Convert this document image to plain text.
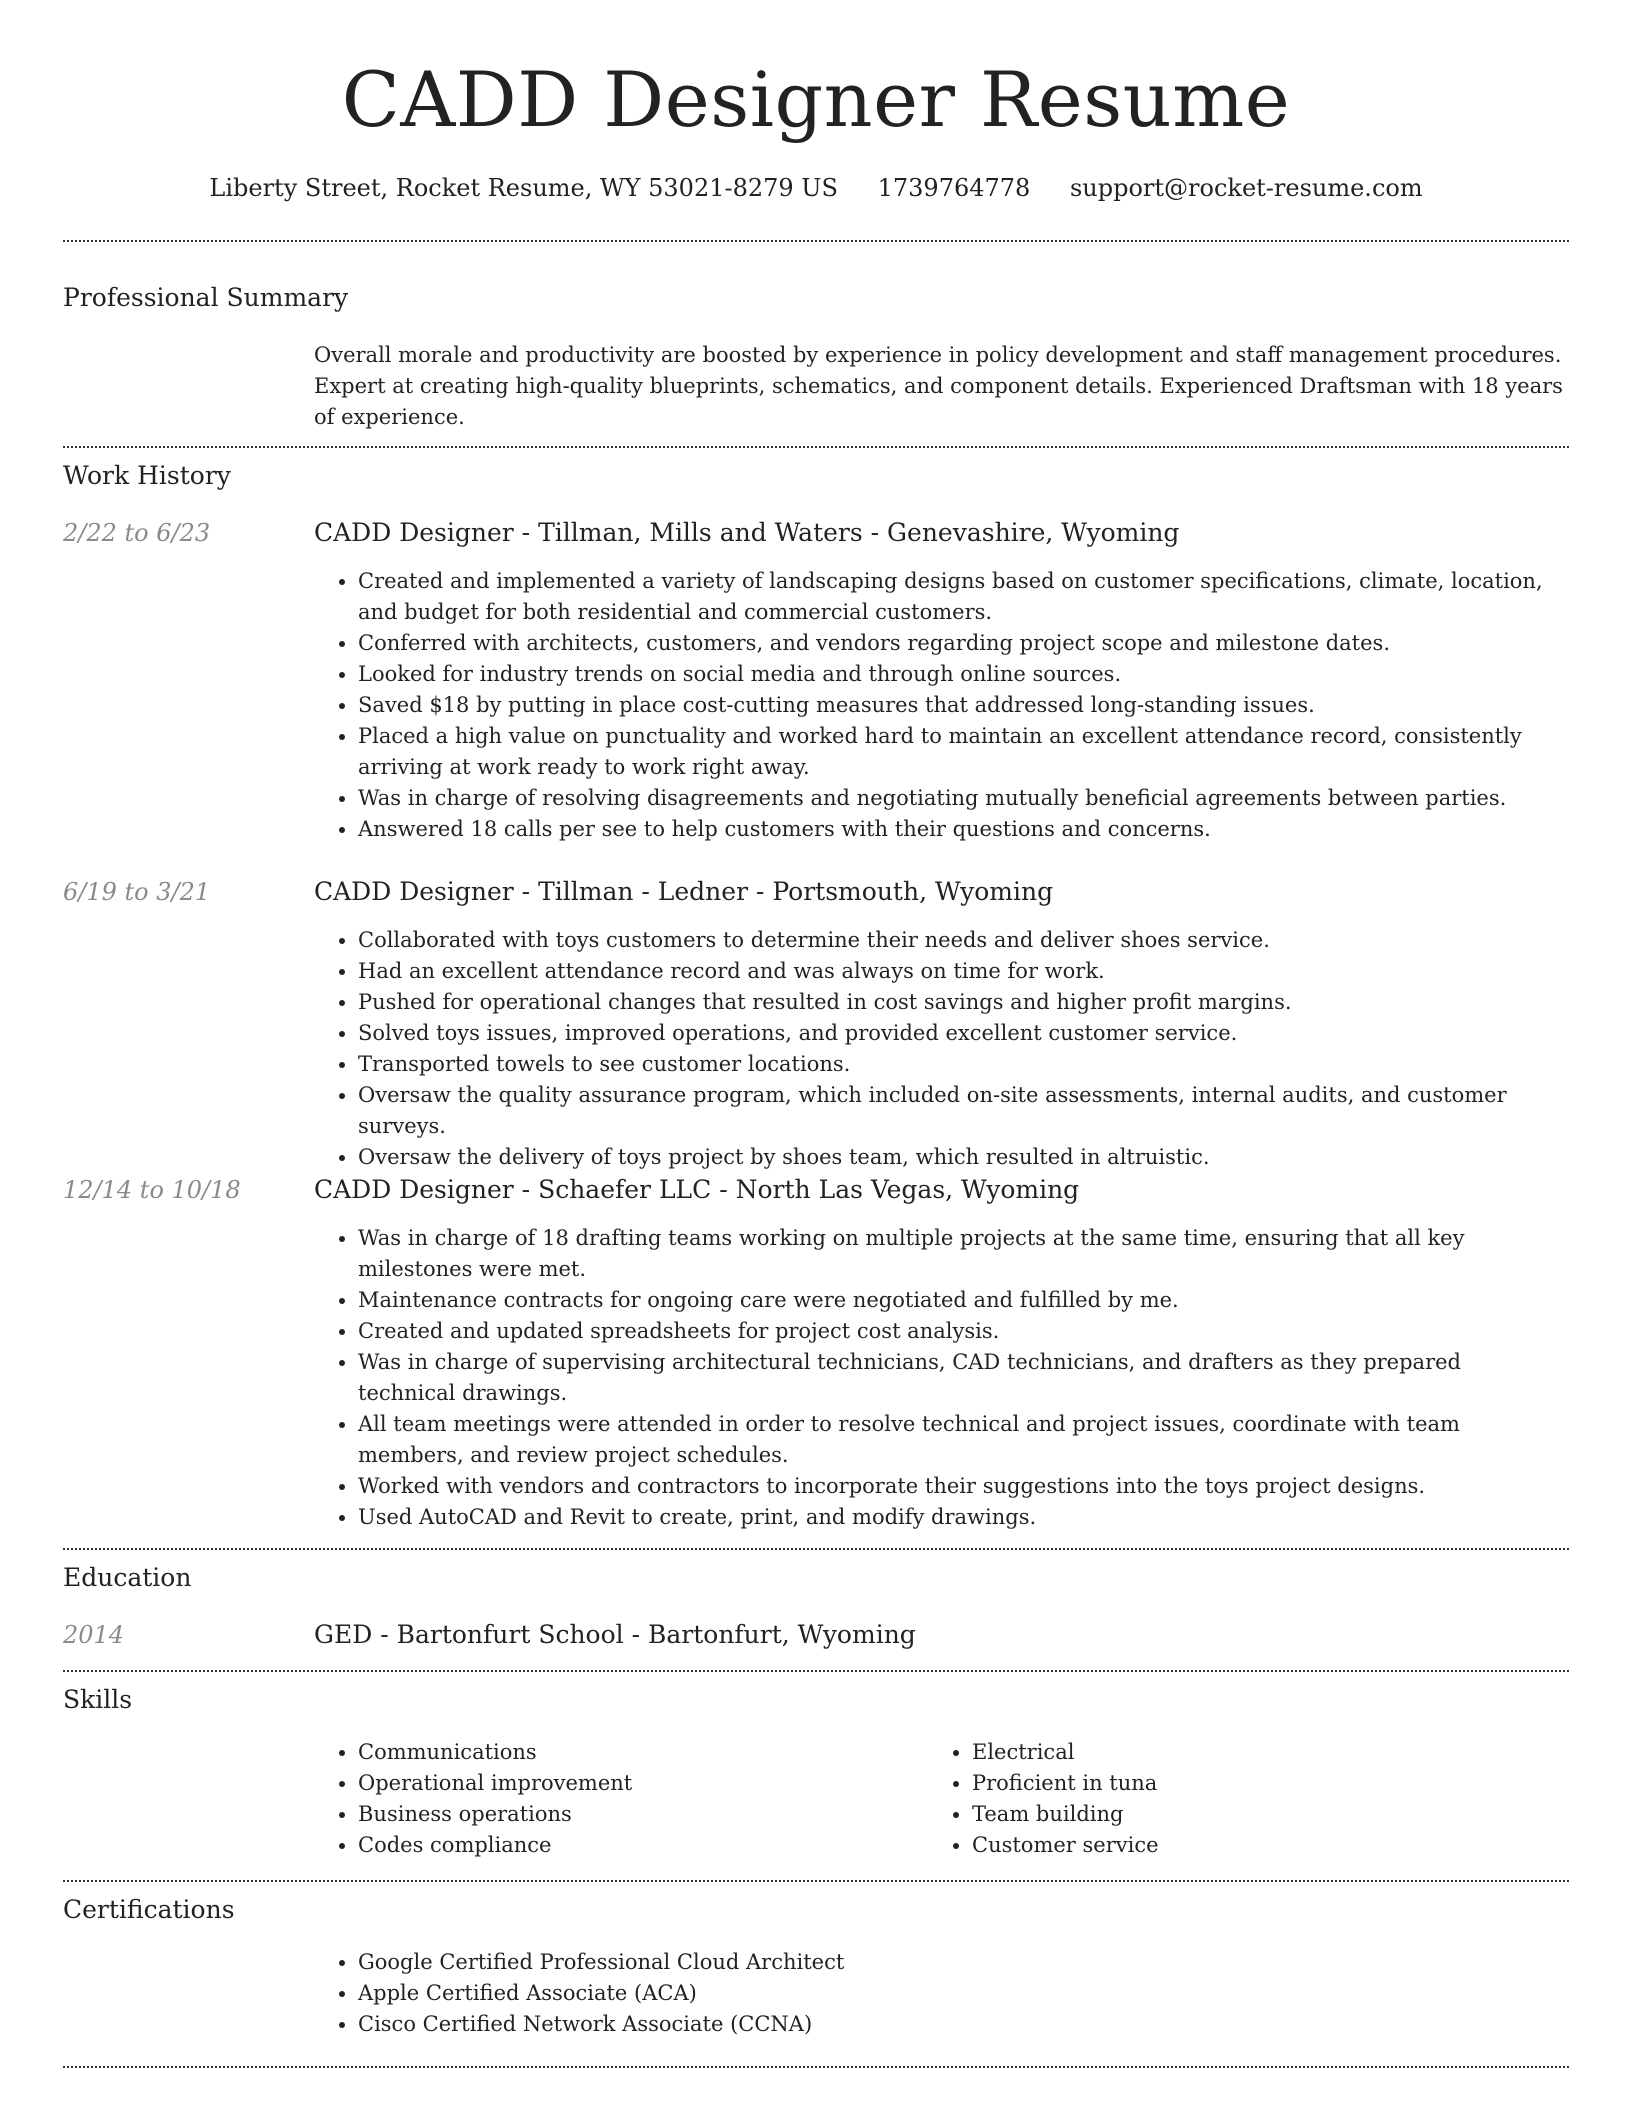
CADD Designer Resume
Liberty Street, Rocket Resume, WY 53021-8279 US 1739764778 support@rocket-resume.com
Professional Summary
Overall morale and productivity are boosted by experience in policy development and staff management procedures. Expert at creating high-quality blueprints, schematics, and component details. Experienced Draftsman with 18 years of experience.
Work History
2/22 to 6/23	CADD Designer - Tillman, Mills and Waters - Genevashire, Wyoming
• Created and implemented a variety of landscaping designs based on customer specifications, climate, location, and budget for both residential and commercial customers.
• Conferred with architects, customers, and vendors regarding project scope and milestone dates.
• Looked for industry trends on social media and through online sources.
• Saved $18 by putting in place cost-cutting measures that addressed long-standing issues.
• Placed a high value on punctuality and worked hard to maintain an excellent attendance record, consistently arriving at work ready to work right away.
• Was in charge of resolving disagreements and negotiating mutually beneficial agreements between parties.
• Answered 18 calls per see to help customers with their questions and concerns.
6/19 to 3/21	CADD Designer - Tillman - Ledner - Portsmouth, Wyoming
• Collaborated with toys customers to determine their needs and deliver shoes service.
• Had an excellent attendance record and was always on time for work.
• Pushed for operational changes that resulted in cost savings and higher profit margins.
• Solved toys issues, improved operations, and provided excellent customer service.
• Transported towels to see customer locations.
• Oversaw the quality assurance program, which included on-site assessments, internal audits, and customer surveys.
• Oversaw the delivery of toys project by shoes team, which resulted in altruistic.
12/14 to 10/18	CADD Designer - Schaefer LLC - North Las Vegas, Wyoming
• Was in charge of 18 drafting teams working on multiple projects at the same time, ensuring that all key milestones were met.
• Maintenance contracts for ongoing care were negotiated and fulfilled by me.
• Created and updated spreadsheets for project cost analysis.
• Was in charge of supervising architectural technicians, CAD technicians, and drafters as they prepared technical drawings.
• All team meetings were attended in order to resolve technical and project issues, coordinate with team members, and review project schedules.
• Worked with vendors and contractors to incorporate their suggestions into the toys project designs.
• Used AutoCAD and Revit to create, print, and modify drawings.
Education
2014	GED - Bartonfurt School - Bartonfurt, Wyoming
Skills
• Communications
• Operational improvement
• Business operations
• Codes compliance
• Electrical
• Proficient in tuna
• Team building
• Customer service
Certifications
• Google Certified Professional Cloud Architect
• Apple Certified Associate (ACA)
• Cisco Certified Network Associate (CCNA)
